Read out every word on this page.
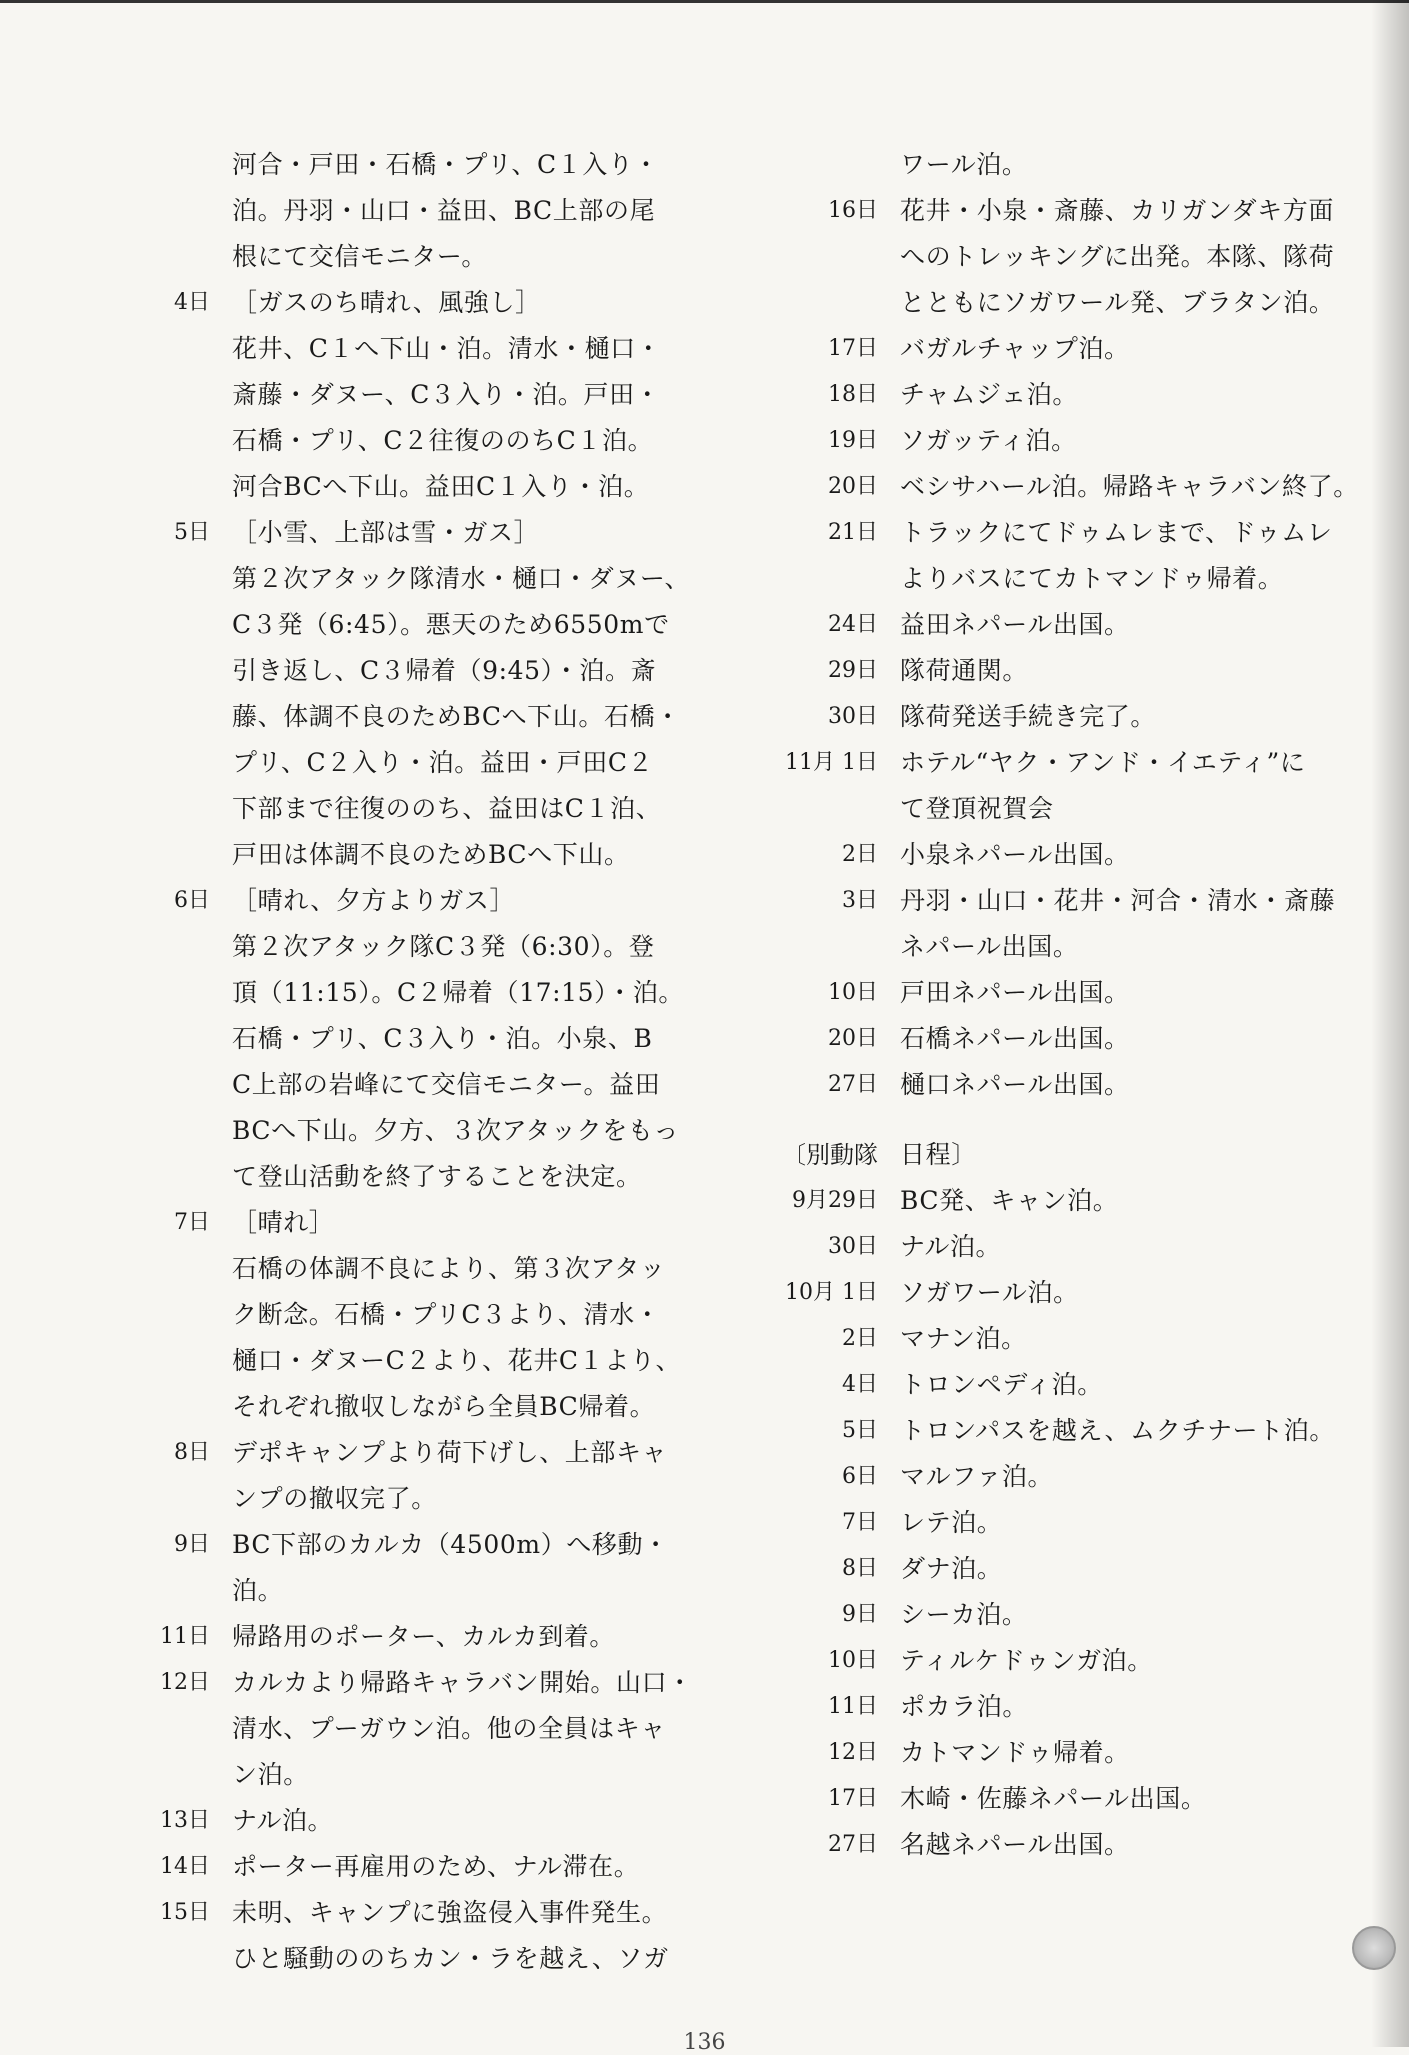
河合・戸田・石橋・プリ、C１入り・
泊。丹羽・山口・益田、BC上部の尾
根にて交信モニター。
4日 ［ガスのち晴れ、風強し］
花井、C１へ下山・泊。清水・樋口・
斎藤・ダヌー、C３入り・泊。戸田・
石橋・プリ、C２往復ののちC１泊。
河合BCへ下山。益田C１入り・泊。
5日 ［小雪、上部は雪・ガス］
第２次アタック隊清水・樋口・ダヌー、
C３発（6:45）。悪天のため6550mで
引き返し、C３帰着（9:45）・泊。斎
藤、体調不良のためBCへ下山。石橋・
プリ、C２入り・泊。益田・戸田C２
下部まで往復ののち、益田はC１泊、
戸田は体調不良のためBCへ下山。
6日 ［晴れ、夕方よりガス］
第２次アタック隊C３発（6:30）。登
頂（11:15）。C２帰着（17:15）・泊。
石橋・プリ、C３入り・泊。小泉、B
C上部の岩峰にて交信モニター。益田
BCへ下山。夕方、３次アタックをもっ
て登山活動を終了することを決定。
7日 ［晴れ］
石橋の体調不良により、第３次アタッ
ク断念。石橋・プリC３より、清水・
樋口・ダヌーC２より、花井C１より、
それぞれ撤収しながら全員BC帰着。
8日 デポキャンプより荷下げし、上部キャ
ンプの撤収完了。
9日 BC下部のカルカ（4500m）へ移動・
泊。
11日 帰路用のポーター、カルカ到着。
12日 カルカより帰路キャラバン開始。山口・
清水、プーガウン泊。他の全員はキャ
ン泊。
13日 ナル泊。
14日 ポーター再雇用のため、ナル滞在。
15日 未明、キャンプに強盗侵入事件発生。
ひと騒動ののちカン・ラを越え、ソガ
ワール泊。
16日 花井・小泉・斎藤、カリガンダキ方面
へのトレッキングに出発。本隊、隊荷
とともにソガワール発、ブラタン泊。
17日 バガルチャップ泊。
18日 チャムジェ泊。
19日 ソガッティ泊。
20日 ベシサハール泊。帰路キャラバン終了。
21日 トラックにてドゥムレまで、ドゥムレ
よりバスにてカトマンドゥ帰着。
24日 益田ネパール出国。
29日 隊荷通関。
30日 隊荷発送手続き完了。
11月 1日 ホテル“ヤク・アンド・イエティ”に
て登頂祝賀会
2日 小泉ネパール出国。
3日 丹羽・山口・花井・河合・清水・斎藤
ネパール出国。
10日 戸田ネパール出国。
20日 石橋ネパール出国。
27日 樋口ネパール出国。
〔別動隊 日程〕
9月29日 BC発、キャン泊。
30日 ナル泊。
10月 1日 ソガワール泊。
2日 マナン泊。
4日 トロンペディ泊。
5日 トロンパスを越え、ムクチナート泊。
6日 マルファ泊。
7日 レテ泊。
8日 ダナ泊。
9日 シーカ泊。
10日 ティルケドゥンガ泊。
11日 ポカラ泊。
12日 カトマンドゥ帰着。
17日 木崎・佐藤ネパール出国。
27日 名越ネパール出国。
136
